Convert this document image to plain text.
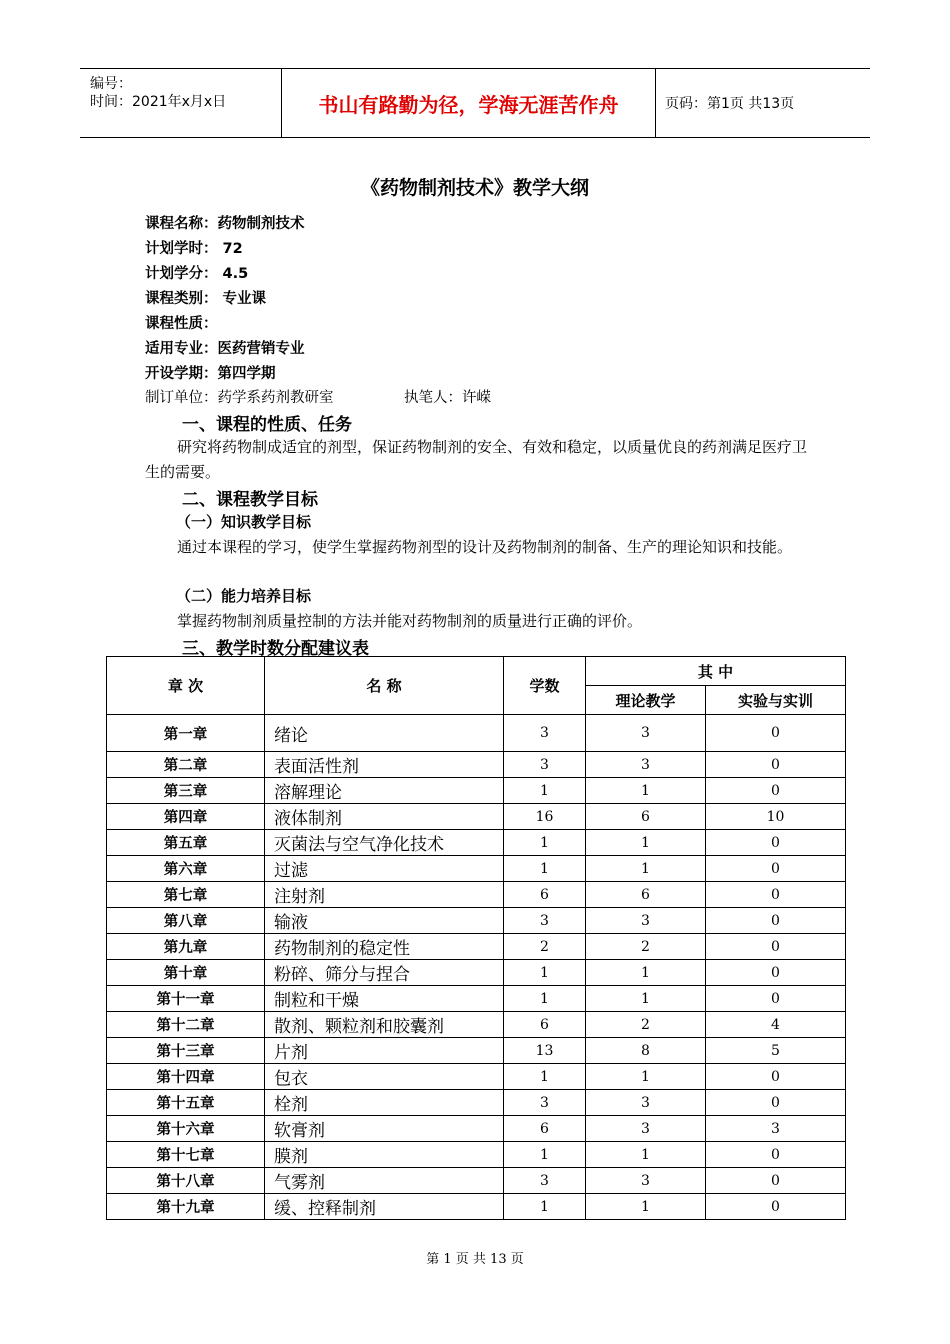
编号：
时间：2021年x月x日	书山有路勤为径，学海无涯苦作舟	页码：第1页 共13页
《药物制剂技术》教学大纲
课程名称：药物制剂技术
计划学时： 72
计划学分： 4.5
课程类别： 专业课
课程性质：
适用专业：医药营销专业
开设学期：第四学期
制订单位：药学系药剂教研室	执笔人：许嵘
一、课程的性质、任务
研究将药物制成适宜的剂型，保证药物制剂的安全、有效和稳定，以质量优良的药剂满足医疗卫生的需要。
二、课程教学目标
（一）知识教学目标
通过本课程的学习，使学生掌握药物剂型的设计及药物制剂的制备、生产的理论知识和技能。
（二）能力培养目标
掌握药物制剂质量控制的方法并能对药物制剂的质量进行正确的评价。
三、教学时数分配建议表
章 次	名 称	学数	其 中	
			理论教学	实验与实训
第一章	绪论	3	3	0
第二章	表面活性剂	3	3	0
第三章	溶解理论	1	1	0
第四章	液体制剂	16	6	10
第五章	灭菌法与空气净化技术	1	1	0
第六章	过滤	1	1	0
第七章	注射剂	6	6	0
第八章	输液	3	3	0
第九章	药物制剂的稳定性	2	2	0
第十章	粉碎、筛分与捏合	1	1	0
第十一章	制粒和干燥	1	1	0
第十二章	散剂、颗粒剂和胶囊剂	6	2	4
第十三章	片剂	13	8	5
第十四章	包衣	1	1	0
第十五章	栓剂	3	3	0
第十六章	软膏剂	6	3	3
第十七章	膜剂	1	1	0
第十八章	气雾剂	3	3	0
第十九章	缓、控释制剂	1	1	0
第 1 页 共 13 页
